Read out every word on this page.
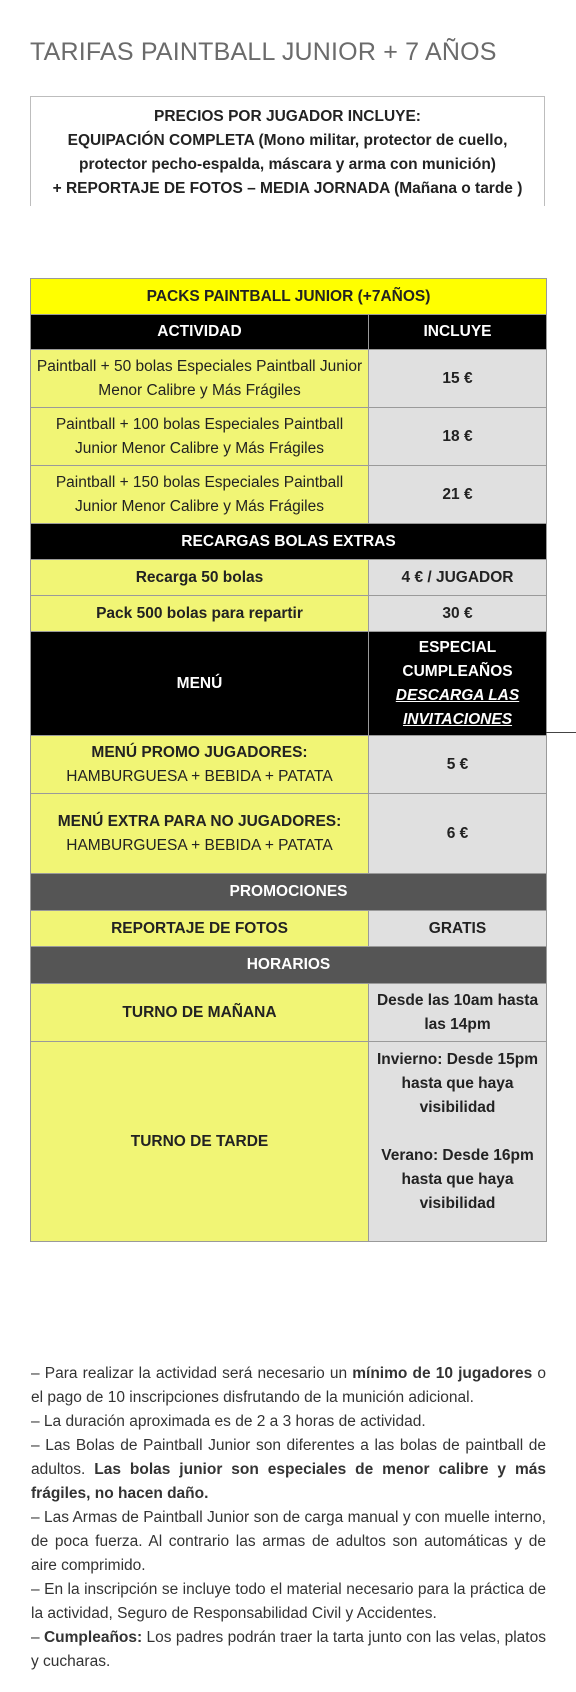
TARIFAS PAINTBALL JUNIOR + 7 AÑOS
PRECIOS POR JUGADOR INCLUYE:
EQUIPACIÓN COMPLETA (Mono militar, protector de cuello,
protector pecho-espalda, máscara y arma con munición)
+ REPORTAJE DE FOTOS – MEDIA JORNADA (Mañana o tarde )
PACKS PAINTBALL JUNIOR (+7AÑOS)	
ACTIVIDAD	INCLUYE
Paintball + 50 bolas Especiales Paintball Junior Menor Calibre y Más Frágiles	15 €
Paintball + 100 bolas Especiales Paintball Junior Menor Calibre y Más Frágiles	18 €
Paintball + 150 bolas Especiales Paintball Junior Menor Calibre y Más Frágiles	21 €
RECARGAS BOLAS EXTRAS	
Recarga 50 bolas	4 € / JUGADOR
Pack 500 bolas para repartir	30 €
MENÚ	ESPECIAL CUMPLEAÑOS
DESCARGA LAS INVITACIONES

MENÚ PROMO JUGADORES: HAMBURGUESA + BEBIDA + PATATA	5 €
MENÚ EXTRA PARA NO JUGADORES: HAMBURGUESA + BEBIDA + PATATA	6 €
PROMOCIONES	
REPORTAJE DE FOTOS	GRATIS
HORARIOS	
TURNO DE MAÑANA	Desde las 10am hasta las 14pm
TURNO DE TARDE	Invierno: Desde 15pm hasta que haya visibilidad
Verano: Desde 16pm hasta que haya visibilidad

– Para realizar la actividad será necesario un mínimo de 10 jugadores o el pago de 10 inscripciones disfrutando de la munición adicional.

– La duración aproximada es de 2 a 3 horas de actividad.

– Las Bolas de Paintball Junior son diferentes a las bolas de paintball de adultos. Las bolas junior son especiales de menor calibre y más frágiles, no hacen daño.

– Las Armas de Paintball Junior son de carga manual y con muelle interno, de poca fuerza. Al contrario las armas de adultos son automáticas y de aire comprimido.

– En la inscripción se incluye todo el material necesario para la práctica de la actividad, Seguro de Responsabilidad Civil y Accidentes.

– Cumpleaños: Los padres podrán traer la tarta junto con las velas, platos y cucharas.
